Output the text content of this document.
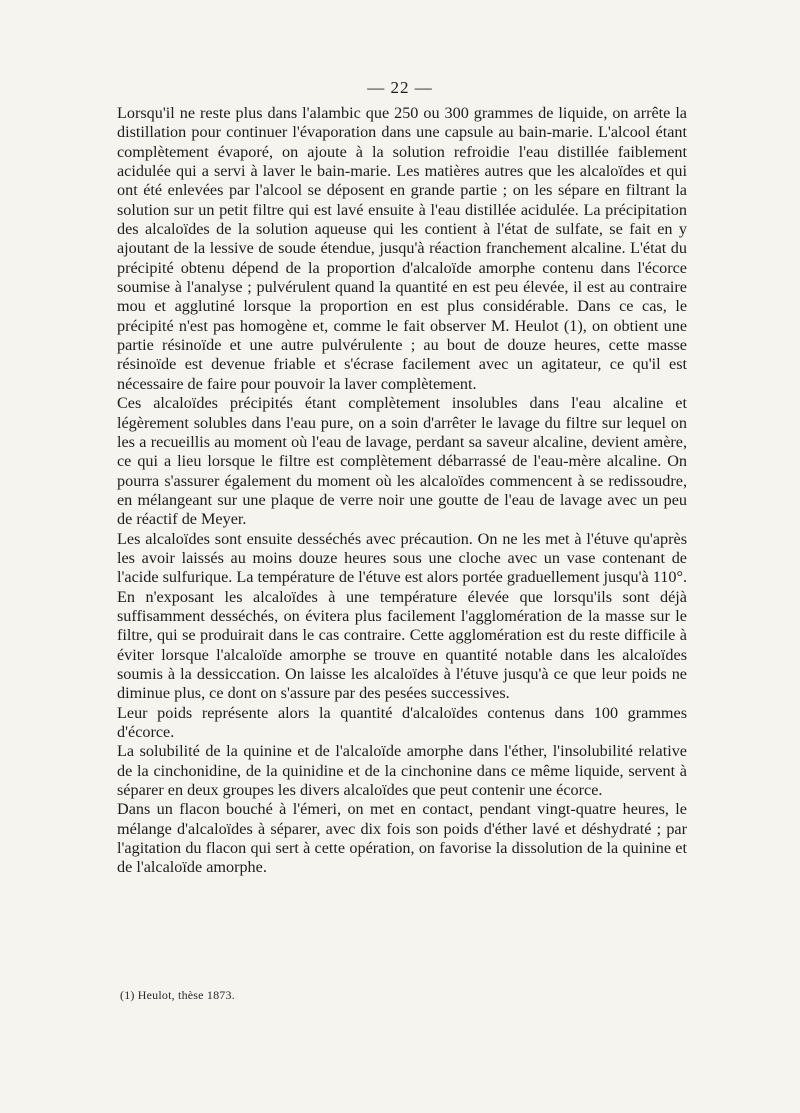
— 22 —

Lorsqu'il ne reste plus dans l'alambic que 250 ou 300 grammes de liquide, on arrête la distillation pour continuer l'évaporation dans une capsule au bain-marie. L'alcool étant complètement évaporé, on ajoute à la solution refroidie l'eau distillée faiblement acidulée qui a servi à laver le bain-marie. Les matières autres que les alcaloïdes et qui ont été enlevées par l'alcool se déposent en grande partie ; on les sépare en filtrant la solution sur un petit filtre qui est lavé ensuite à l'eau distillée acidulée. La précipitation des alcaloïdes de la solution aqueuse qui les contient à l'état de sulfate, se fait en y ajoutant de la lessive de soude étendue, jusqu'à réaction franchement alcaline. L'état du précipité obtenu dépend de la proportion d'alcaloïde amorphe contenu dans l'écorce soumise à l'analyse ; pulvérulent quand la quantité en est peu élevée, il est au contraire mou et agglutiné lorsque la proportion en est plus considérable. Dans ce cas, le précipité n'est pas homogène et, comme le fait observer M. Heulot (1), on obtient une partie résinoïde et une autre pulvérulente ; au bout de douze heures, cette masse résinoïde est devenue friable et s'écrase facilement avec un agitateur, ce qu'il est nécessaire de faire pour pouvoir la laver complètement.

Ces alcaloïdes précipités étant complètement insolubles dans l'eau alcaline et légèrement solubles dans l'eau pure, on a soin d'arrêter le lavage du filtre sur lequel on les a recueillis au moment où l'eau de lavage, perdant sa saveur alcaline, devient amère, ce qui a lieu lorsque le filtre est complètement débarrassé de l'eau-mère alcaline. On pourra s'assurer également du moment où les alcaloïdes commencent à se redissoudre, en mélangeant sur une plaque de verre noir une goutte de l'eau de lavage avec un peu de réactif de Meyer.

Les alcaloïdes sont ensuite desséchés avec précaution. On ne les met à l'étuve qu'après les avoir laissés au moins douze heures sous une cloche avec un vase contenant de l'acide sulfurique. La température de l'étuve est alors portée graduellement jusqu'à 110°. En n'exposant les alcaloïdes à une température élevée que lorsqu'ils sont déjà suffisamment desséchés, on évitera plus facilement l'agglomération de la masse sur le filtre, qui se produirait dans le cas contraire. Cette agglomération est du reste difficile à éviter lorsque l'alcaloïde amorphe se trouve en quantité notable dans les alcaloïdes soumis à la dessiccation. On laisse les alcaloïdes à l'étuve jusqu'à ce que leur poids ne diminue plus, ce dont on s'assure par des pesées successives.

Leur poids représente alors la quantité d'alcaloïdes contenus dans 100 grammes d'écorce.

La solubilité de la quinine et de l'alcaloïde amorphe dans l'éther, l'insolubilité relative de la cinchonidine, de la quinidine et de la cinchonine dans ce même liquide, servent à séparer en deux groupes les divers alcaloïdes que peut contenir une écorce.

Dans un flacon bouché à l'émeri, on met en contact, pendant vingt-quatre heures, le mélange d'alcaloïdes à séparer, avec dix fois son poids d'éther lavé et déshydraté ; par l'agitation du flacon qui sert à cette opération, on favorise la dissolution de la quinine et de l'alcaloïde amorphe.

(1) Heulot, thèse 1873.
